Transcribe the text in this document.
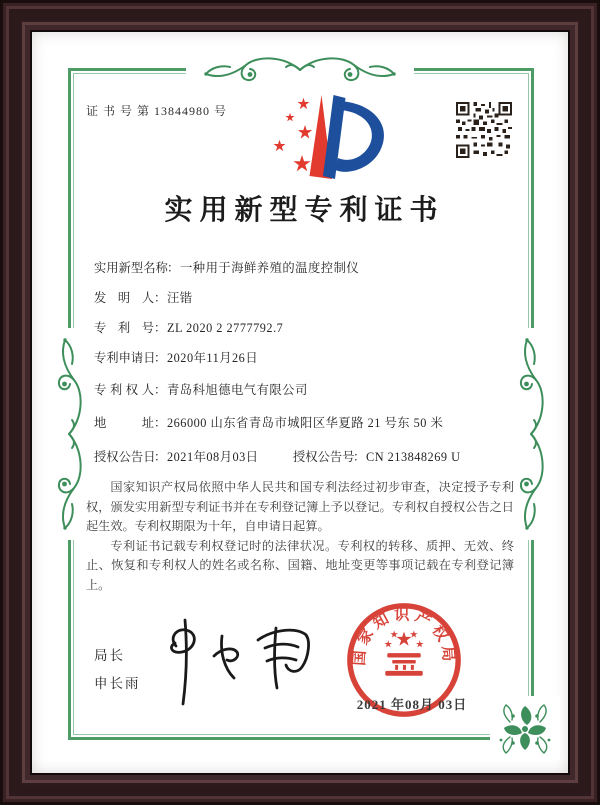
证 书 号 第 13844980 号
实用新型专利证书
实用新型名称：一种用于海鲜养殖的温度控制仪
发明人：汪锴
专利号：ZL 2020 2 2777792.7
专利申请日：2020年11月26日
专利权人：青岛科旭德电气有限公司
地址：266000 山东省青岛市城阳区华夏路 21 号东 50 米
授权公告日：2021年08月03日	授权公告号：CN 213848269 U

国家知识产权局依照中华人民共和国专利法经过初步审查，决定授予专利权，颁发实用新型专利证书并在专利登记簿上予以登记。专利权自授权公告之日起生效。专利权期限为十年，自申请日起算。

专利证书记载专利权登记时的法律状况。专利权的转移、质押、无效、终止、恢复和专利权人的姓名或名称、国籍、地址变更等事项记载在专利登记簿上。

局长
申长雨
国家知识产权局
2021 年08月 03日
